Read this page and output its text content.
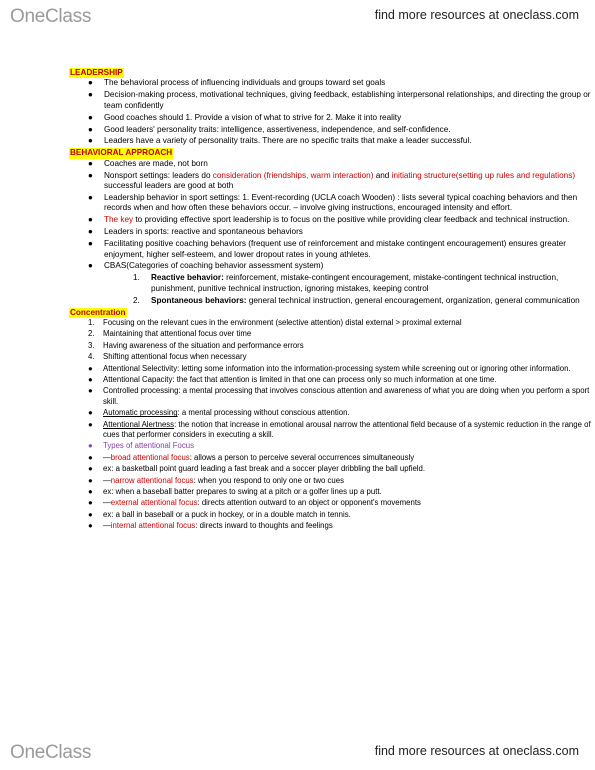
OneClass	find more resources at oneclass.com
LEADERSHIP
● The behavioral process of influencing individuals and groups toward set goals
● Decision-making process, motivational techniques, giving feedback, establishing interpersonal relationships, and directing the group or team confidently
● Good coaches should 1. Provide a vision of what to strive for 2. Make it into reality
● Good leaders' personality traits: intelligence, assertiveness, independence, and self-confidence.
● Leaders have a variety of personality traits. There are no specific traits that make a leader successful.
BEHAVIORAL APPROACH
● Coaches are made, not born
● Nonsport settings: leaders do consideration (friendships, warm interaction) and initiating structure(setting up rules and regulations) successful leaders are good at both
● Leadership behavior in sport settings: 1. Event-recording (UCLA coach Wooden) : lists several typical coaching behaviors and then records when and how often these behaviors occur. – involve giving instructions, encouraged intensity and effort.
● The key to providing effective sport leadership is to focus on the positive while providing clear feedback and technical instruction.
● Leaders in sports: reactive and spontaneous behaviors
● Facilitating positive coaching behaviors (frequent use of reinforcement and mistake contingent encouragement) ensures greater enjoyment, higher self-esteem, and lower dropout rates in young athletes.
● CBAS(Categories of coaching behavior assessment system)
1. Reactive behavior: reinforcement, mistake-contingent encouragement, mistake-contingent technical instruction, punishment, punitive technical instruction, ignoring mistakes, keeping control
2. Spontaneous behaviors: general technical instruction, general encouragement, organization, general communication
Concentration
1. Focusing on the relevant cues in the environment (selective attention) distal external > proximal external
2. Maintaining that attentional focus over time
3. Having awareness of the situation and performance errors
4. Shifting attentional focus when necessary
● Attentional Selectivity: letting some information into the information-processing system while screening out or ignoring other information.
● Attentional Capacity: the fact that attention is limited in that one can process only so much information at one time.
● Controlled processing: a mental processing that involves conscious attention and awareness of what you are doing when you perform a sport skill.
● Automatic processing: a mental processing without conscious attention.
● Attentional Alertness: the notion that increase in emotional arousal narrow the attentional field because of a systemic reduction in the range of cues that performer considers in executing a skill.
● Types of attentional Focus
● —broad attentional focus: allows a person to perceive several occurrences simultaneously
● ex: a basketball point guard leading a fast break and a soccer player dribbling the ball upfield.
● —narrow attentional focus: when you respond to only one or two cues
● ex: when a baseball batter prepares to swing at a pitch or a golfer lines up a putt.
● —external attentional focus: directs attention outward to an object or opponent's movements
● ex: a ball in baseball or a puck in hockey, or in a double match in tennis.
● —internal attentional focus: directs inward to thoughts and feelings
OneClass	find more resources at oneclass.com
